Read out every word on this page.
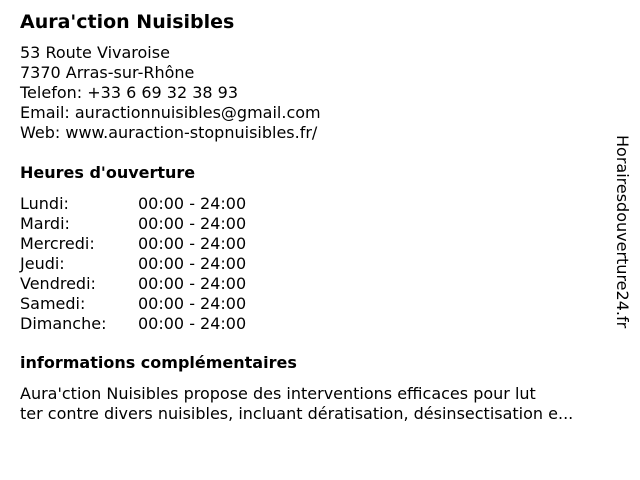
Aura'ction Nuisibles
53 Route Vivaroise
7370 Arras-sur-Rhône
Telefon: +33 6 69 32 38 93
Email: auractionnuisibles@gmail.com
Web: www.auraction-stopnuisibles.fr/
Heures d'ouverture
Lundi:	00:00 - 24:00
Mardi:	00:00 - 24:00
Mercredi:	00:00 - 24:00
Jeudi:	00:00 - 24:00
Vendredi:	00:00 - 24:00
Samedi:	00:00 - 24:00
Dimanche: 00:00 - 24:00
informations complémentaires
Aura'ction Nuisibles propose des interventions efficaces pour lut
ter contre divers nuisibles, incluant dératisation, désinsectisation e...
Horairesdouverture24.fr
